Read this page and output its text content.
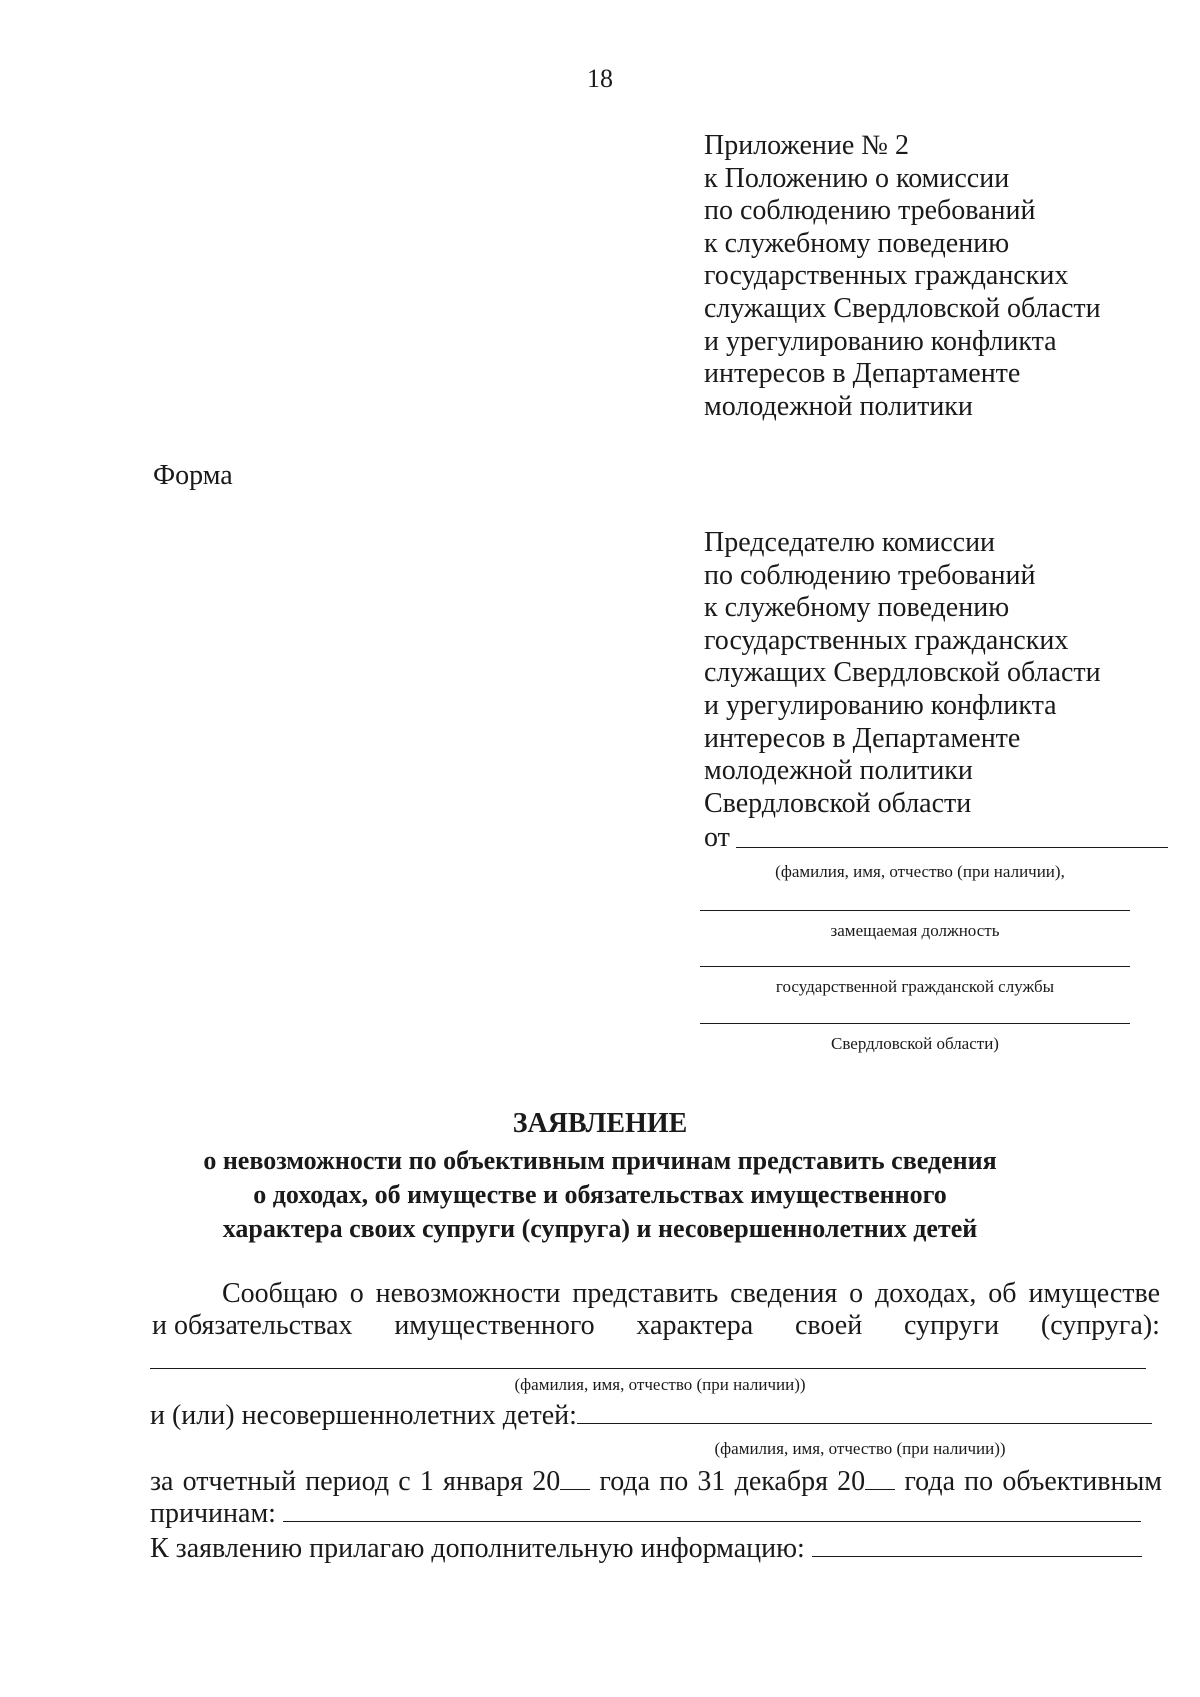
18
Приложение № 2
к Положению о комиссии
по соблюдению требований
к служебному поведению
государственных гражданских
служащих Свердловской области
и урегулированию конфликта
интересов в Департаменте
молодежной политики
Форма
Председателю комиссии
по соблюдению требований
к служебному поведению
государственных гражданских
служащих Свердловской области
и урегулированию конфликта
интересов в Департаменте
молодежной политики
Свердловской области
от
(фамилия, имя, отчество (при наличии),
замещаемая должность
государственной гражданской службы
Свердловской области)
ЗАЯВЛЕНИЕ
о невозможности по объективным причинам представить сведения
о доходах, об имуществе и обязательствах имущественного
характера своих супруги (супруга) и несовершеннолетних детей
Сообщаю о невозможности представить сведения о доходах, об имуществе
и обязательствах имущественного характера своей супруги (супруга):
(фамилия, имя, отчество (при наличии))
и (или) несовершеннолетних детей:
(фамилия, имя, отчество (при наличии))
за отчетный период с 1 января 20 года по 31 декабря 20 года по объективным
причинам:
К заявлению прилагаю дополнительную информацию:
